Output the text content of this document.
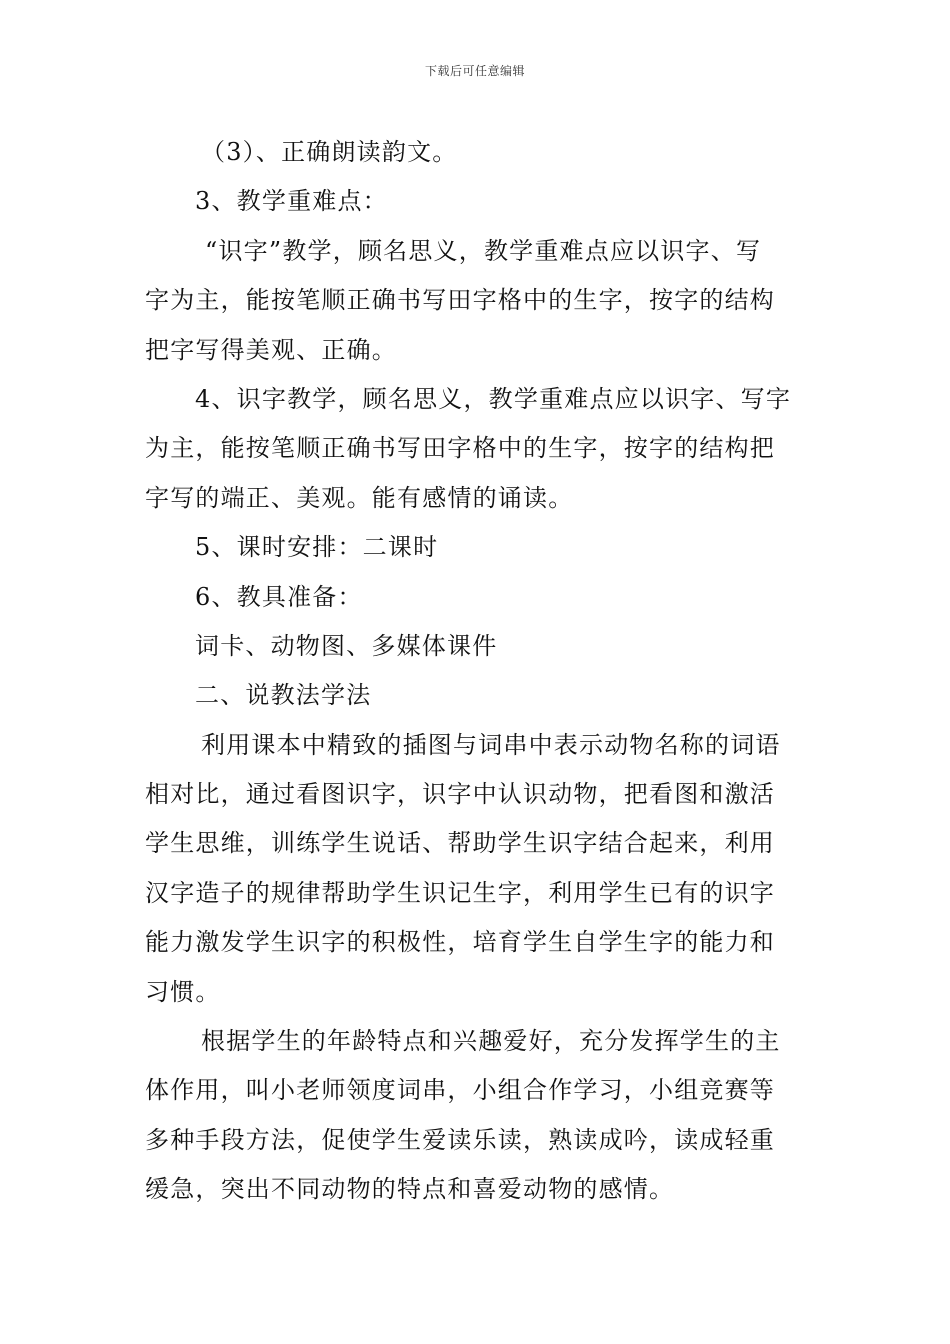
下载后可任意编辑
（3）、正确朗读韵文。
3、教学重难点：
“识字”教学，顾名思义，教学重难点应以识字、写
字为主，能按笔顺正确书写田字格中的生字，按字的结构
把字写得美观、正确。
4、识字教学，顾名思义，教学重难点应以识字、写字
为主，能按笔顺正确书写田字格中的生字，按字的结构把
字写的端正、美观。能有感情的诵读。
5、课时安排：二课时
6、教具准备：
词卡、动物图、多媒体课件
二、说教法学法
利用课本中精致的插图与词串中表示动物名称的词语
相对比，通过看图识字，识字中认识动物，把看图和激活
学生思维，训练学生说话、帮助学生识字结合起来，利用
汉字造子的规律帮助学生识记生字，利用学生已有的识字
能力激发学生识字的积极性，培育学生自学生字的能力和
习惯。
根据学生的年龄特点和兴趣爱好，充分发挥学生的主
体作用，叫小老师领度词串，小组合作学习，小组竞赛等
多种手段方法，促使学生爱读乐读，熟读成吟，读成轻重
缓急，突出不同动物的特点和喜爱动物的感情。
